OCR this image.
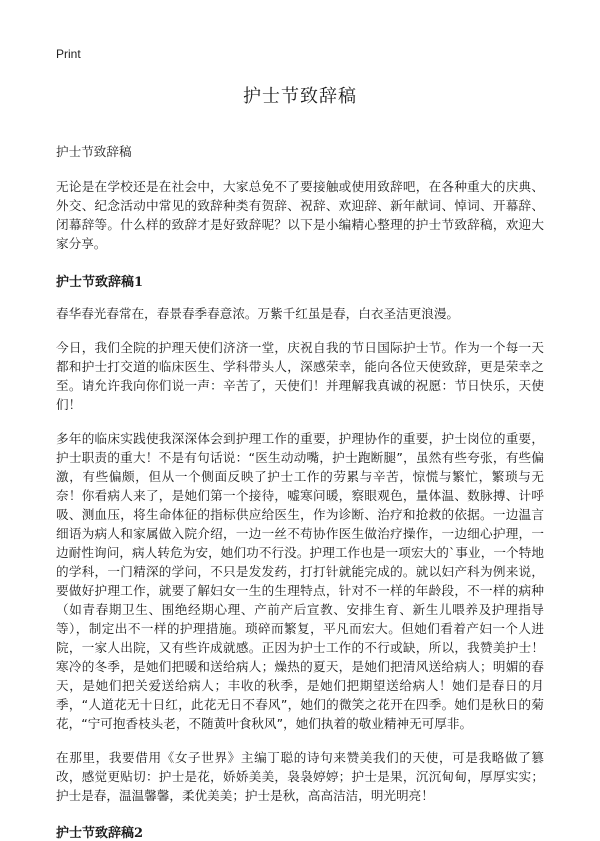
Print
护士节致辞稿

护士节致辞稿

无论是在学校还是在社会中，大家总免不了要接触或使用致辞吧，在各种重大的庆典、外交、纪念活动中常见的致辞种类有贺辞、祝辞、欢迎辞、新年献词、悼词、开幕辞、闭幕辞等。什么样的致辞才是好致辞呢？以下是小编精心整理的护士节致辞稿，欢迎大家分享。

护士节致辞稿1

春华春光春常在，春景春季春意浓。万紫千红虽是春，白衣圣洁更浪漫。

今日，我们全院的护理天使们济济一堂，庆祝自我的节日国际护士节。作为一个每一天都和护士打交道的临床医生、学科带头人，深感荣幸，能向各位天使致辞，更是荣幸之至。请允许我向你们说一声：辛苦了，天使们！并理解我真诚的祝愿：节日快乐，天使们！

多年的临床实践使我深深体会到护理工作的重要，护理协作的重要，护士岗位的重要，护士职责的重大！不是有句话说：“医生动动嘴，护士跑断腿”，虽然有些夸张，有些偏激，有些偏颇，但从一个侧面反映了护士工作的劳累与辛苦，惊慌与繁忙，繁琐与无奈！你看病人来了，是她们第一个接待，嘘寒问暖，察眼观色，量体温、数脉搏、计呼吸、测血压，将生命体征的指标供应给医生，作为诊断、治疗和抢救的依据。一边温言细语为病人和家属做入院介绍，一边一丝不苟协作医生做治疗操作，一边细心护理，一边耐性询问，病人转危为安，她们功不行没。护理工作也是一项宏大的`事业，一个特地的学科，一门精深的学问，不只是发发药，打打针就能完成的。就以妇产科为例来说，要做好护理工作，就要了解妇女一生的生理特点，针对不一样的年龄段，不一样的病种（如青春期卫生、围绝经期心理、产前产后宣教、安排生育、新生儿喂养及护理指导等），制定出不一样的护理措施。琐碎而繁复，平凡而宏大。但她们看着产妇一个人进院，一家人出院，又有些许成就感。正因为护士工作的不行或缺，所以，我赞美护士！寒冷的冬季，是她们把暖和送给病人；燥热的夏天，是她们把清风送给病人；明媚的春天，是她们把关爱送给病人；丰收的秋季，是她们把期望送给病人！她们是春日的月季，“人道花无十日红，此花无日不春风”，她们的微笑之花开在四季。她们是秋日的菊花，“宁可抱香枝头老，不随黄叶食秋风”，她们执着的敬业精神无可厚非。

在那里，我要借用《女子世界》主编丁聪的诗句来赞美我们的天使，可是我略做了篡改，感觉更贴切：护士是花，娇娇美美，袅袅婷婷；护士是果，沉沉甸甸，厚厚实实；护士是春，温温馨馨，柔优美美；护士是秋，高高洁洁，明光明亮！

护士节致辞稿2
